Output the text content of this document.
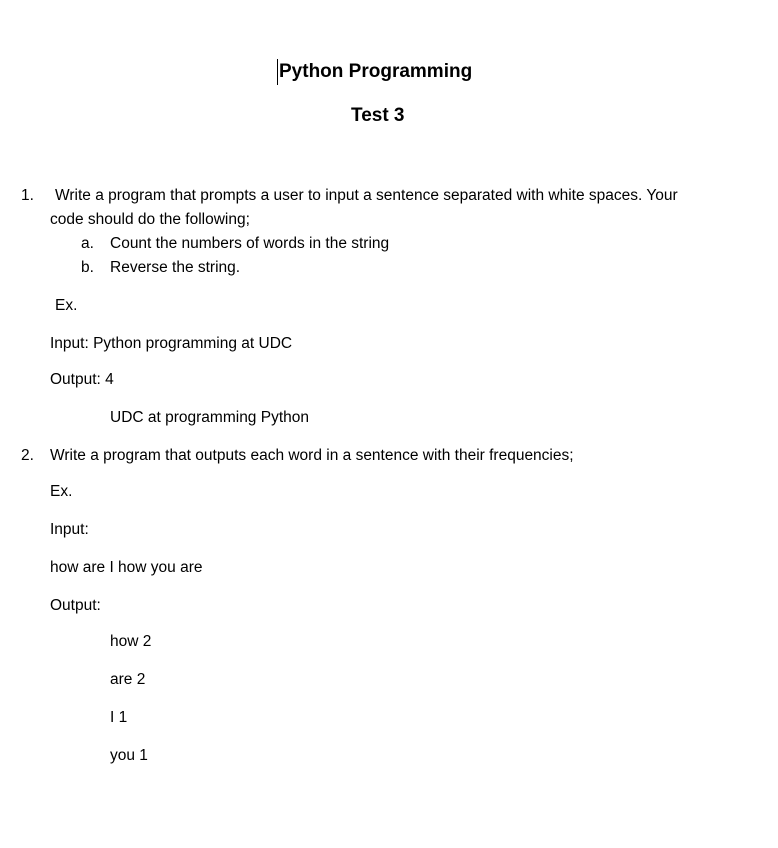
Python Programming
Test 3
1. Write a program that prompts a user to input a sentence separated with white spaces. Your
code should do the following;
a. Count the numbers of words in the string
b. Reverse the string.
Ex.
Input: Python programming at UDC
Output: 4
UDC at programming Python
2. Write a program that outputs each word in a sentence with their frequencies;
Ex.
Input:
how are I how you are
Output:
how 2
are 2
I 1
you 1
